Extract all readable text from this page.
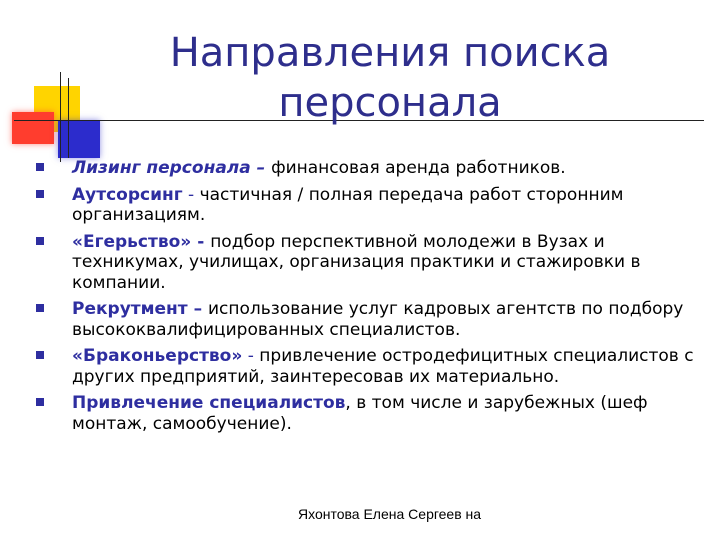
Направления поиска персонала
Лизинг персонала – финансовая аренда работников.
Аутсорсинг - частичная / полная передача работ сторонним организациям.
«Егерьство» - подбор перспективной молодежи в Вузах и техникумах, училищах, организация практики и стажировки в компании.
Рекрутмент – использование услуг кадровых агентств по подбору высококвалифицированных специалистов.
«Браконьерство» - привлечение остродефицитных специалистов с других предприятий, заинтересовав их материально.
Привлечение специалистов, в том числе и зарубежных (шеф монтаж, самообучение).
Яхонтова Елена Сергеев на
